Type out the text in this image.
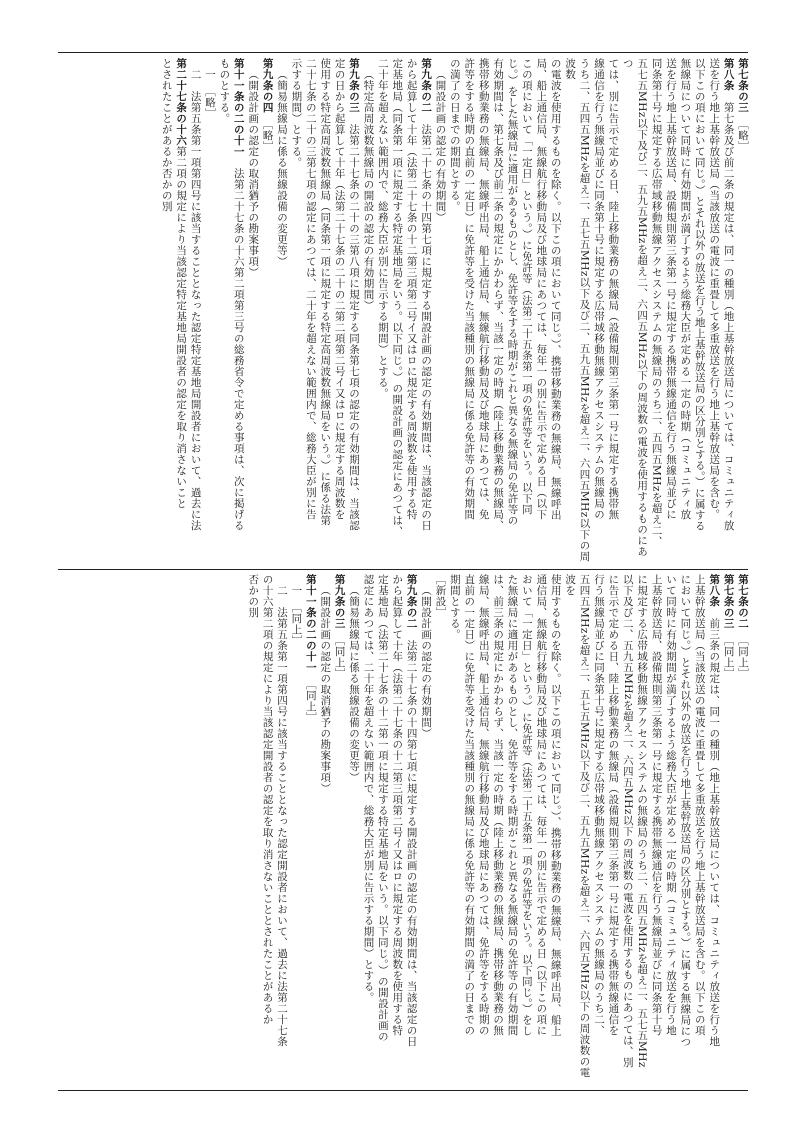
第七条の三　［略］
第八条　第七条及び前二条の規定は、同一の種別（地上基幹放送局については、コミュニティ放
送を行う地上基幹放送局（当該放送の電波に重畳して多重放送を行う地上基幹放送局を含む。
以下この項において同じ。）とそれ以外の放送を行う地上基幹放送局の区分別とする。）に属する
無線局について同時に有効期間が満了するよう総務大臣が定める一定の時期（コミュニティ放
送を行う地上基幹放送局、設備規則第三条第一号に規定する携帯無線通信を行う無線局並びに
同条第十号に規定する広帯域移動無線アクセスシステムの無線局のうち二、五四五MHzを超え二、
五七五MHz以下及び二、五九五MHzを超え二、六四五MHz以下の周波数の電波を使用するものにあつ
ては、別に告示で定める日、陸上移動業務の無線局（設備規則第三条第一号に規定する携帯無
線通信を行う無線局並びに同条第十号に規定する広帯域移動無線アクセスシステムの無線局の
うち二、五四五MHzを超え二、五七五MHz以下及び二、五九五MHzを超え二、六四五MHz以下の周波数
の電波を使用するものを除く。以下この項において同じ。）、携帯移動業務の無線局、無線呼出
局、船上通信局、無線航行移動局及び地球局にあつては、毎年一の別に告示で定める日（以下
この項において「一定日」という。）に免許等（法第二十五条第一項の免許等をいう。以下同
じ。）をした無線局に適用があるものとし、免許等をする時期がこれと異なる無線局の免許等の
有効期間は、第七条及び前二条の規定にかかわらず、当該一定の時期（陸上移動業務の無線局、
携帯移動業務の無線局、無線呼出局、船上通信局、無線航行移動局及び地球局にあつては、免
許等をする時期の直前の一定日）に免許等を受けた当該種別の無線局に係る免許等の有効期間
の満了の日までの期間とする。
（開設計画の認定の有効期間）
第九条の二　法第二十七条の十四第七項に規定する開設計画の認定の有効期間は、当該認定の日
から起算して十年（法第二十七条の十二第三項第二号イ又はロに規定する周波数を使用する特
定基地局（同条第一項に規定する特定基地局をいう。以下同じ。）の開設計画の認定にあつては、
二十年を超えない範囲内で、総務大臣が別に告示する期間）とする。
（特定高周波数無線局の開設の認定の有効期間）
第九条の三　法第二十七条の二十の三第八項に規定する同条第七項の認定の有効期間は、当該認
定の日から起算して十年（法第二十七条の二十の二第二項第二号イ又はロに規定する周波数を
使用する特定高周波数無線局（同条第一項に規定する特定高周波数無線局をいう。）に係る法第
二十七条の二十の三第七項の認定にあつては、二十年を超えない範囲内で、総務大臣が別に告
示する期間）とする。
（簡易無線局に係る無線設備の変更等）
第九条の四　［略］
（開設計画の認定の取消猶予の勘案事項）
第十一条の二の十一　法第二十七条の十六第二項第三号の総務省令で定める事項は、次に掲げる
ものとする。
一　［略］
二　法第五条第一項第四号に該当することとなった認定特定基地局開設者において、過去に法
第二十七条の十六第二項の規定により当該認定特定基地局開設者の認定を取り消さないこと
とされたことがあるか否かの別
第七条の二　［同上］
第七条の三　［同上］
第八条　前三条の規定は、同一の種別（地上基幹放送局については、コミュニティ放送を行う地
上基幹放送局（当該放送の電波に重畳して多重放送を行う地上基幹放送局を含む。以下この項
において同じ。）とそれ以外の放送を行う地上基幹放送局の区分別とする。）に属する無線局につ
いて同時に有効期間が満了するよう総務大臣が定める一定の時期（コミュニティ放送を行う地
上基幹放送局、設備規則第三条第一号に規定する携帯無線通信を行う無線局並びに同条第十号
に規定する広帯域移動無線アクセスシステムの無線局のうち二、五四五MHzを超え二、五七五MHz
以下及び二、五九五MHzを超え二、六四五MHz以下の周波数の電波を使用するものにあつては、別
に告示で定める日、陸上移動業務の無線局（設備規則第三条第一号に規定する携帯無線通信を
行う無線局並びに同条第十号に規定する広帯域移動無線アクセスシステムの無線局のうち二、
五四五MHzを超え二、五七五MHz以下及び二、五九五MHzを超え二、六四五MHz以下の周波数の電波を
使用するものを除く。以下この項において同じ。）、携帯移動業務の無線局、無線呼出局、船上
通信局、無線航行移動局及び地球局にあつては、毎年一の別に告示で定める日（以下この項に
おいて「一定日」という。）に免許等（法第二十五条第一項の免許等をいう。以下同じ。）をし
た無線局に適用があるものとし、免許等をする時期がこれと異なる無線局の免許等の有効期間
は、前三条の規定にかかわらず、当該一定の時期（陸上移動業務の無線局、携帯移動業務の無
線局、無線呼出局、船上通信局、無線航行移動局及び地球局にあつては、免許等をする時期の
直前の一定日）に免許等を受けた当該種別の無線局に係る免許等の有効期間の満了の日までの
期間とする。
［新設］
（開設計画の認定の有効期間）
第九条の二　法第二十七条の十四第七項に規定する開設計画の認定の有効期間は、当該認定の日
から起算して十年（法第二十七条の十二第三項第二号イ又はロに規定する周波数を使用する特
定基地局（法第二十七条の十二第一項に規定する特定基地局をいう。以下同じ。）の開設計画の
認定にあつては、二十年を超えない範囲内で、総務大臣が別に告示する期間）とする。
（簡易無線局に係る無線設備の変更等）
第九条の三　［同上］
（開設計画の認定の取消猶予の勘案事項）
第十一条の二の十一　［同上］
一　［同上］
二　法第五条第一項第四号に該当することとなった認定開設者において、過去に法第二十七条
の十六第二項の規定により当該認定開設者の認定を取り消さないこととされたことがあるか
否かの別
